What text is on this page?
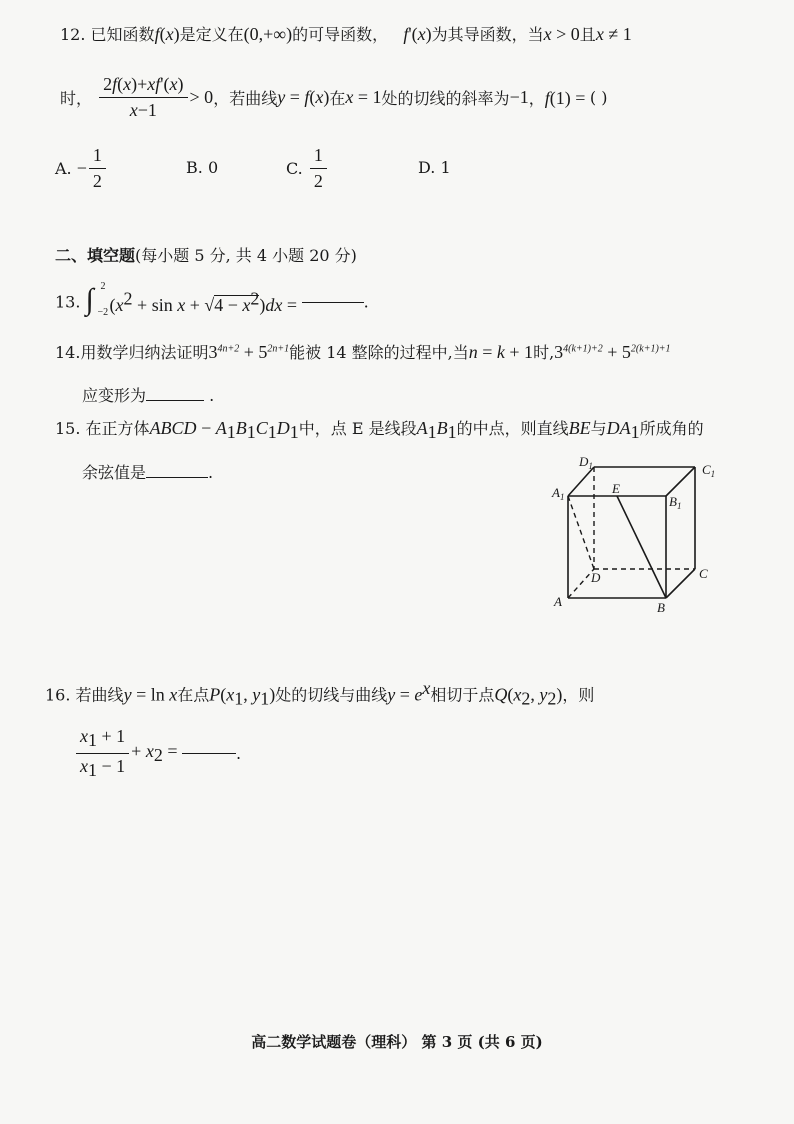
12. 已知函数f(x)是定义在(0,+∞)的可导函数， f'(x)为其导函数，当x > 0且x ≠ 1
时， $\frac{2f(x)+xf'(x)}{x-1} > 0$，若曲线y = f(x)在x = 1处的切线的斜率为−1，f(1) = ( )
A. − $\frac{1}{2}$	B. 0	C. $\frac{1}{2}$	D. 1
二、填空题(每小题 5 分, 共 4 小题 20 分)
13. ∫ 2
−2 $(x^2 + \sin x + √4 - x^2)dx$ =	.
14.用数学归纳法证明$3^{4n+2} + 5^{2n+1}$能被 14 整除的过程中,当n = k + 1时$,3^{4(k+1)+2} + 5^{2(k+1)+1}$
应变形为	.
15. 在正方体ABCD − $A_1B_1C_1D_1$中，点 E 是线段$A_1B_1$的中点，则直线BE与$DA_1$所成角的
余弦值是	.
$D_1$	$C_1$
$A_1$
E
$B_1$
D	C
A	B
16. 若曲线y = ln x在点$P(x_1$, $y_1$)处的切线与曲线$y = e^x$相切于点$Q(x_2$, $y_2$)，则
$\frac{x_1 + 1}{x_1 - 1} + x_2$ =	.
高二数学试题卷（理科） 第 3 页 (共 6 页)
